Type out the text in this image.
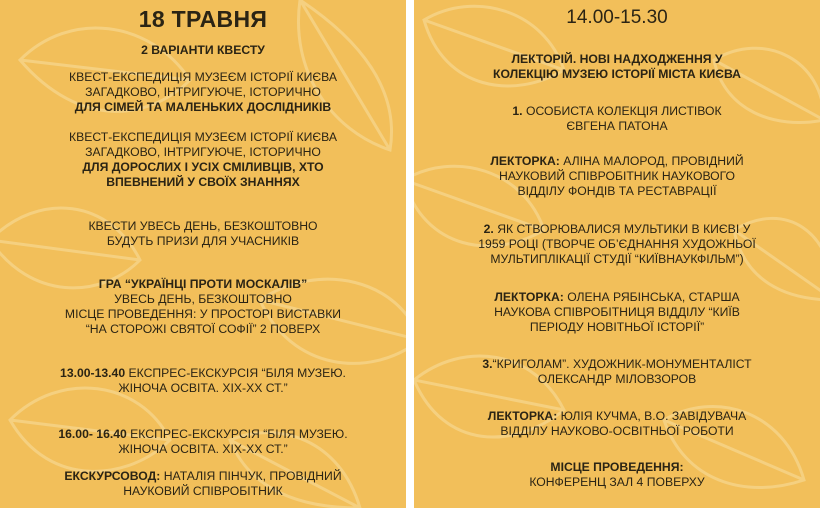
18 ТРАВНЯ
2 ВАРІАНТИ КВЕСТУ
КВЕСТ-ЕКСПЕДИЦІЯ МУЗЕЄМ ІСТОРІЇ КИЄВА
ЗАГАДКОВО, ІНТРИГУЮЧЕ, ІСТОРИЧНО
ДЛЯ СІМЕЙ ТА МАЛЕНЬКИХ ДОСЛІДНИКІВ
КВЕСТ-ЕКСПЕДИЦІЯ МУЗЕЄМ ІСТОРІЇ КИЄВА
ЗАГАДКОВО, ІНТРИГУЮЧЕ, ІСТОРИЧНО
ДЛЯ ДОРОСЛИХ І УСІХ СМІЛИВЦІВ, ХТО
ВПЕВНЕНИЙ У СВОЇХ ЗНАННЯХ
КВЕСТИ УВЕСЬ ДЕНЬ, БЕЗКОШТОВНО
БУДУТЬ ПРИЗИ ДЛЯ УЧАСНИКІВ
ГРА “УКРАЇНЦІ ПРОТИ МОСКАЛІВ”
УВЕСЬ ДЕНЬ, БЕЗКОШТОВНО
МІСЦЕ ПРОВЕДЕННЯ: У ПРОСТОРІ ВИСТАВКИ
“НА СТОРОЖІ СВЯТОЇ СОФІЇ” 2 ПОВЕРХ
13.00-13.40 ЕКСПРЕС-ЕКСКУРСІЯ “БІЛЯ МУЗЕЮ.
ЖІНОЧА ОСВІТА. XIX-XX СТ.”
16.00- 16.40 ЕКСПРЕС-ЕКСКУРСІЯ “БІЛЯ МУЗЕЮ.
ЖІНОЧА ОСВІТА. XIX-XX СТ.”
ЕКСКУРСОВОД: НАТАЛІЯ ПІНЧУК, ПРОВІДНИЙ
НАУКОВИЙ СПІВРОБІТНИК
14.00-15.30
ЛЕКТОРІЙ. НОВІ НАДХОДЖЕННЯ У
КОЛЕКЦІЮ МУЗЕЮ ІСТОРІЇ МІСТА КИЄВА
1. ОСОБИСТА КОЛЕКЦІЯ ЛИСТІВОК
ЄВГЕНА ПАТОНА
ЛЕКТОРКА: АЛІНА МАЛОРОД, ПРОВІДНИЙ
НАУКОВИЙ СПІВРОБІТНИК НАУКОВОГО
ВІДДІЛУ ФОНДІВ ТА РЕСТАВРАЦІЇ
2. ЯК СТВОРЮВАЛИСЯ МУЛЬТИКИ В КИЄВІ У
1959 РОЦІ (ТВОРЧЕ ОБ’ЄДНАННЯ ХУДОЖНЬОЇ
МУЛЬТИПЛІКАЦІЇ СТУДІЇ “КИЇВНАУКФІЛЬМ”)
ЛЕКТОРКА: ОЛЕНА РЯБІНСЬКА, СТАРША
НАУКОВА СПІВРОБІТНИЦЯ ВІДДІЛУ “КИЇВ
ПЕРІОДУ НОВІТНЬОЇ ІСТОРІЇ”
3.“КРИГОЛАМ”. ХУДОЖНИК-МОНУМЕНТАЛІСТ
ОЛЕКСАНДР МІЛОВЗОРОВ
ЛЕКТОРКА: ЮЛІЯ КУЧМА, В.О. ЗАВІДУВАЧА
ВІДДІЛУ НАУКОВО-ОСВІТНЬОЇ РОБОТИ
МІСЦЕ ПРОВЕДЕННЯ:
КОНФЕРЕНЦ ЗАЛ 4 ПОВЕРХУ
